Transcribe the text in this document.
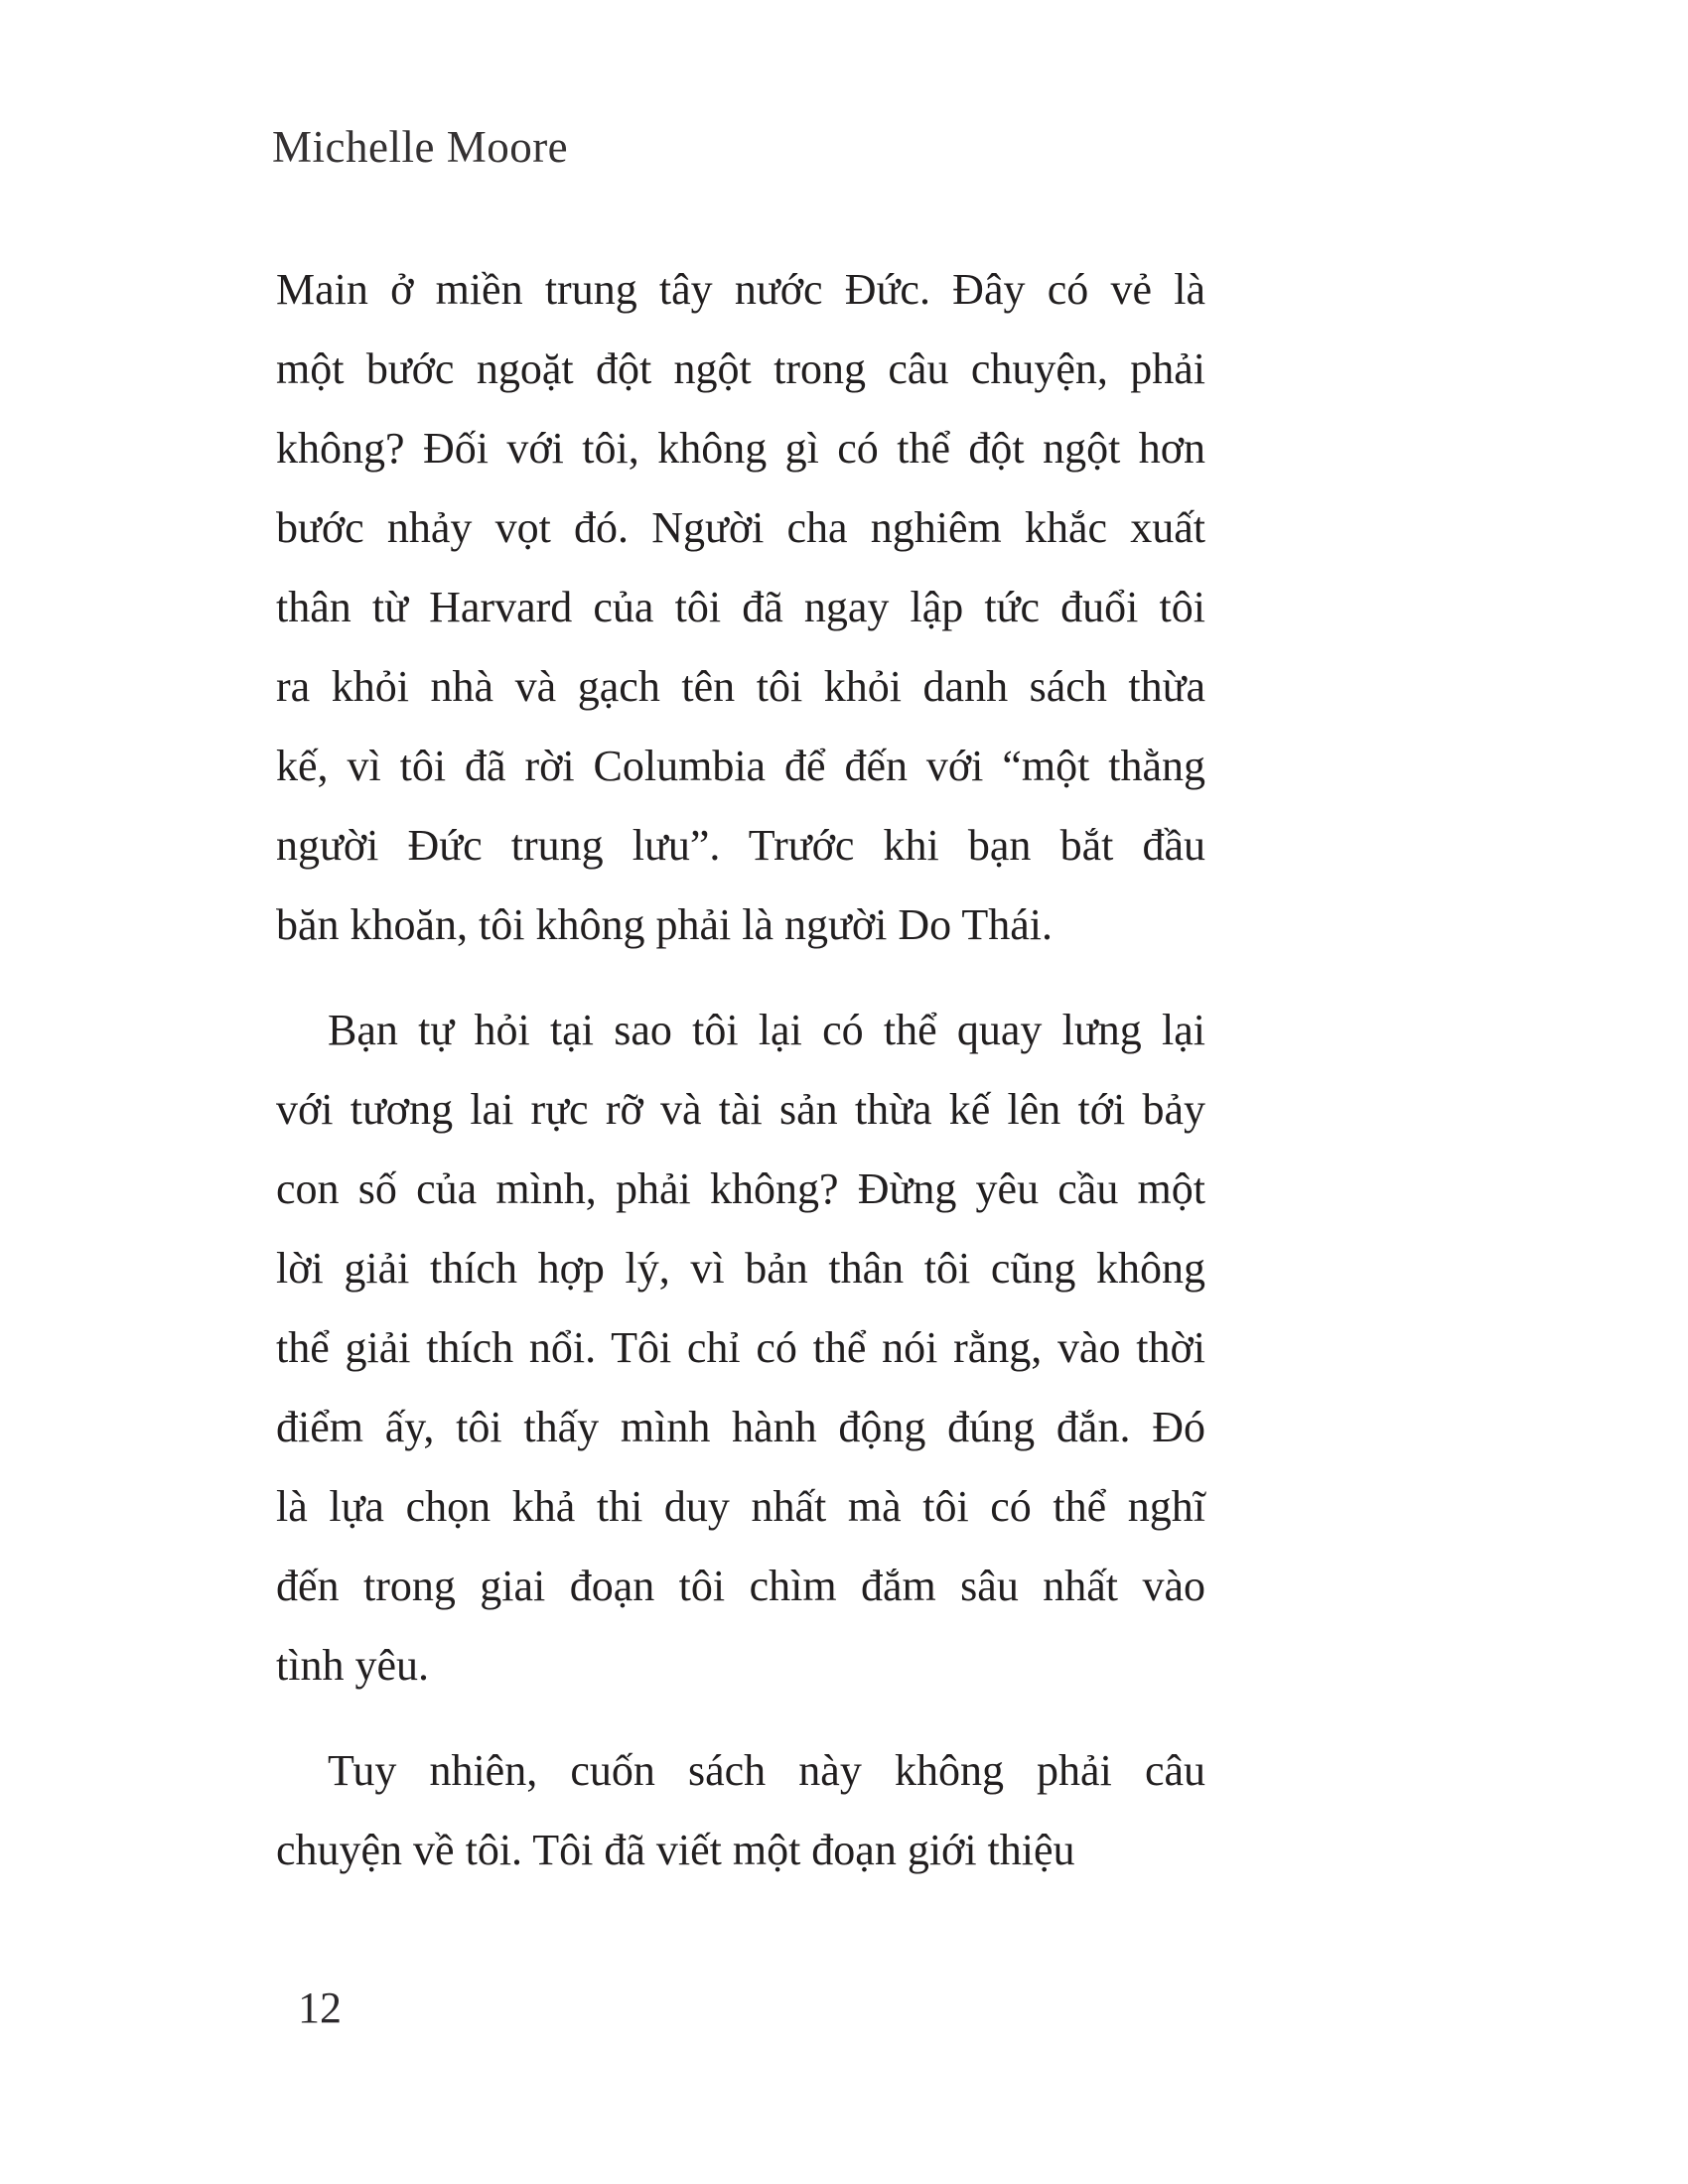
Michelle Moore
Main ở miền trung tây nước Đức. Đây có vẻ là
một bước ngoặt đột ngột trong câu chuyện, phải
không? Đối với tôi, không gì có thể đột ngột hơn
bước nhảy vọt đó. Người cha nghiêm khắc xuất
thân từ Harvard của tôi đã ngay lập tức đuổi tôi
ra khỏi nhà và gạch tên tôi khỏi danh sách thừa
kế, vì tôi đã rời Columbia để đến với “một thằng
người Đức trung lưu”. Trước khi bạn bắt đầu
băn khoăn, tôi không phải là người Do Thái.
Bạn tự hỏi tại sao tôi lại có thể quay lưng lại
với tương lai rực rỡ và tài sản thừa kế lên tới bảy
con số của mình, phải không? Đừng yêu cầu một
lời giải thích hợp lý, vì bản thân tôi cũng không
thể giải thích nổi. Tôi chỉ có thể nói rằng, vào thời
điểm ấy, tôi thấy mình hành động đúng đắn. Đó
là lựa chọn khả thi duy nhất mà tôi có thể nghĩ
đến trong giai đoạn tôi chìm đắm sâu nhất vào
tình yêu.
Tuy nhiên, cuốn sách này không phải câu
chuyện về tôi. Tôi đã viết một đoạn giới thiệu
12
